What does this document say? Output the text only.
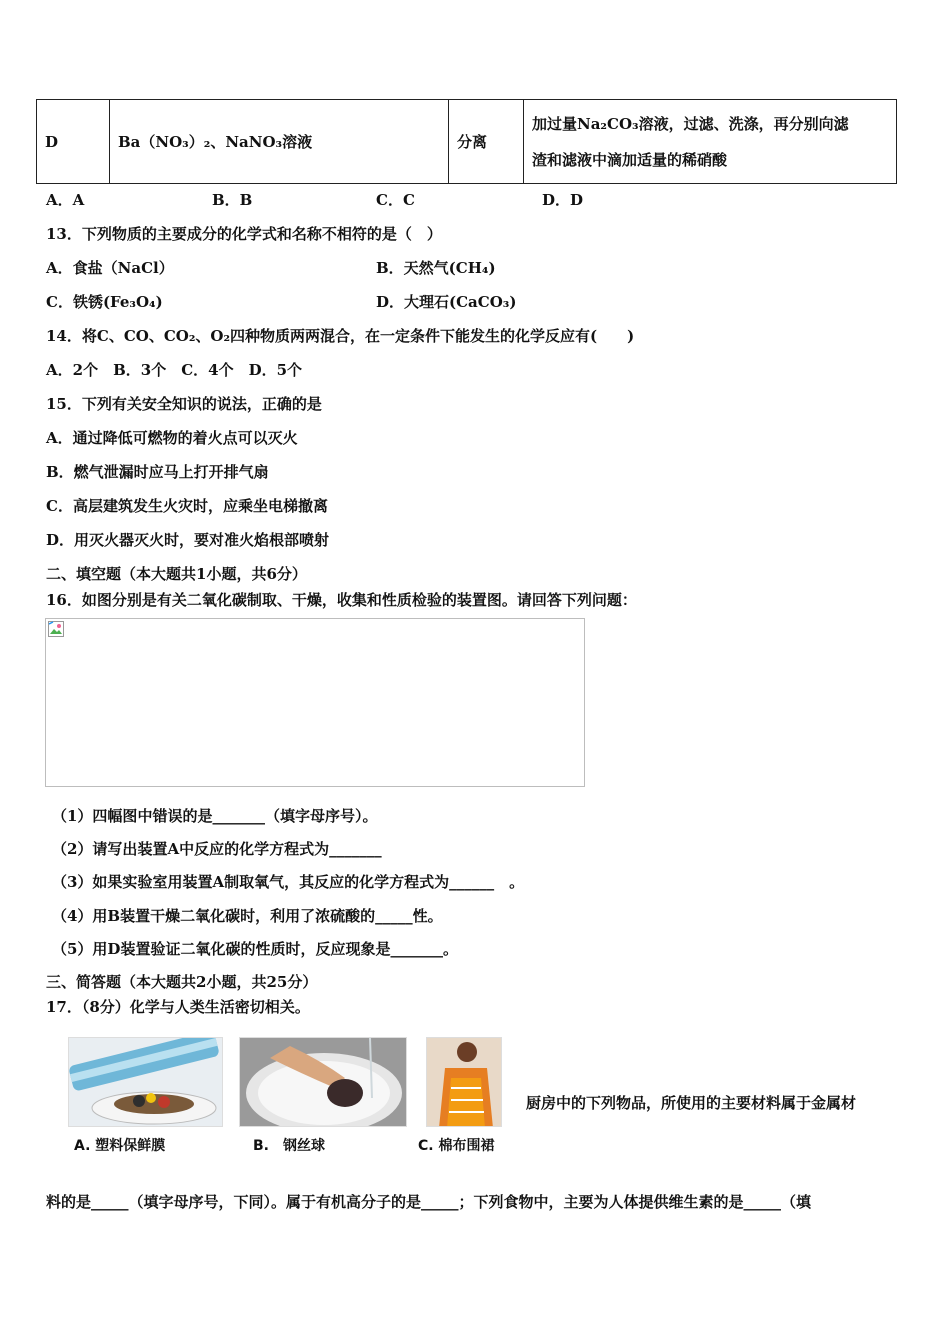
D	Ba（NO₃）₂、NaNO₃溶液	分离	
加过量Na₂CO₃溶液，过滤、洗涤，再分别向滤
渣和滤液中滴加适量的稀硝酸
A．A	B．B	C．C	D．D
13．下列物质的主要成分的化学式和名称不相符的是（　）
A．食盐（NaCl）	B．天然气(CH₄)
C．铁锈(Fe₃O₄)	D．大理石(CaCO₃)
14．将C、CO、CO₂、O₂四种物质两两混合，在一定条件下能发生的化学反应有(　　)
A．2个　B．3个　C．4个　D．5个
15．下列有关安全知识的说法，正确的是
A．通过降低可燃物的着火点可以灭火
B．燃气泄漏时应马上打开排气扇
C．高层建筑发生火灾时，应乘坐电梯撤离
D．用灭火器灭火时，要对准火焰根部喷射
二、填空题（本大题共1小题，共6分）
16．如图分别是有关二氧化碳制取、干燥，收集和性质检验的装置图。请回答下列问题：
（1）四幅图中错误的是_______（填字母序号）。
（2）请写出装置A中反应的化学方程式为_______
（3）如果实验室用装置A制取氧气，其反应的化学方程式为______　。
（4）用B装置干燥二氧化碳时，利用了浓硫酸的_____性。
（5）用D装置验证二氧化碳的性质时，反应现象是_______。
三、简答题（本大题共2小题，共25分）
17．（8分）化学与人类生活密切相关。
A. 塑料保鲜膜	B.　钢丝球	C. 棉布围裙
厨房中的下列物品，所使用的主要材料属于金属材
料的是_____（填字母序号，下同）。属于有机高分子的是_____；下列食物中，主要为人体提供维生素的是_____（填
